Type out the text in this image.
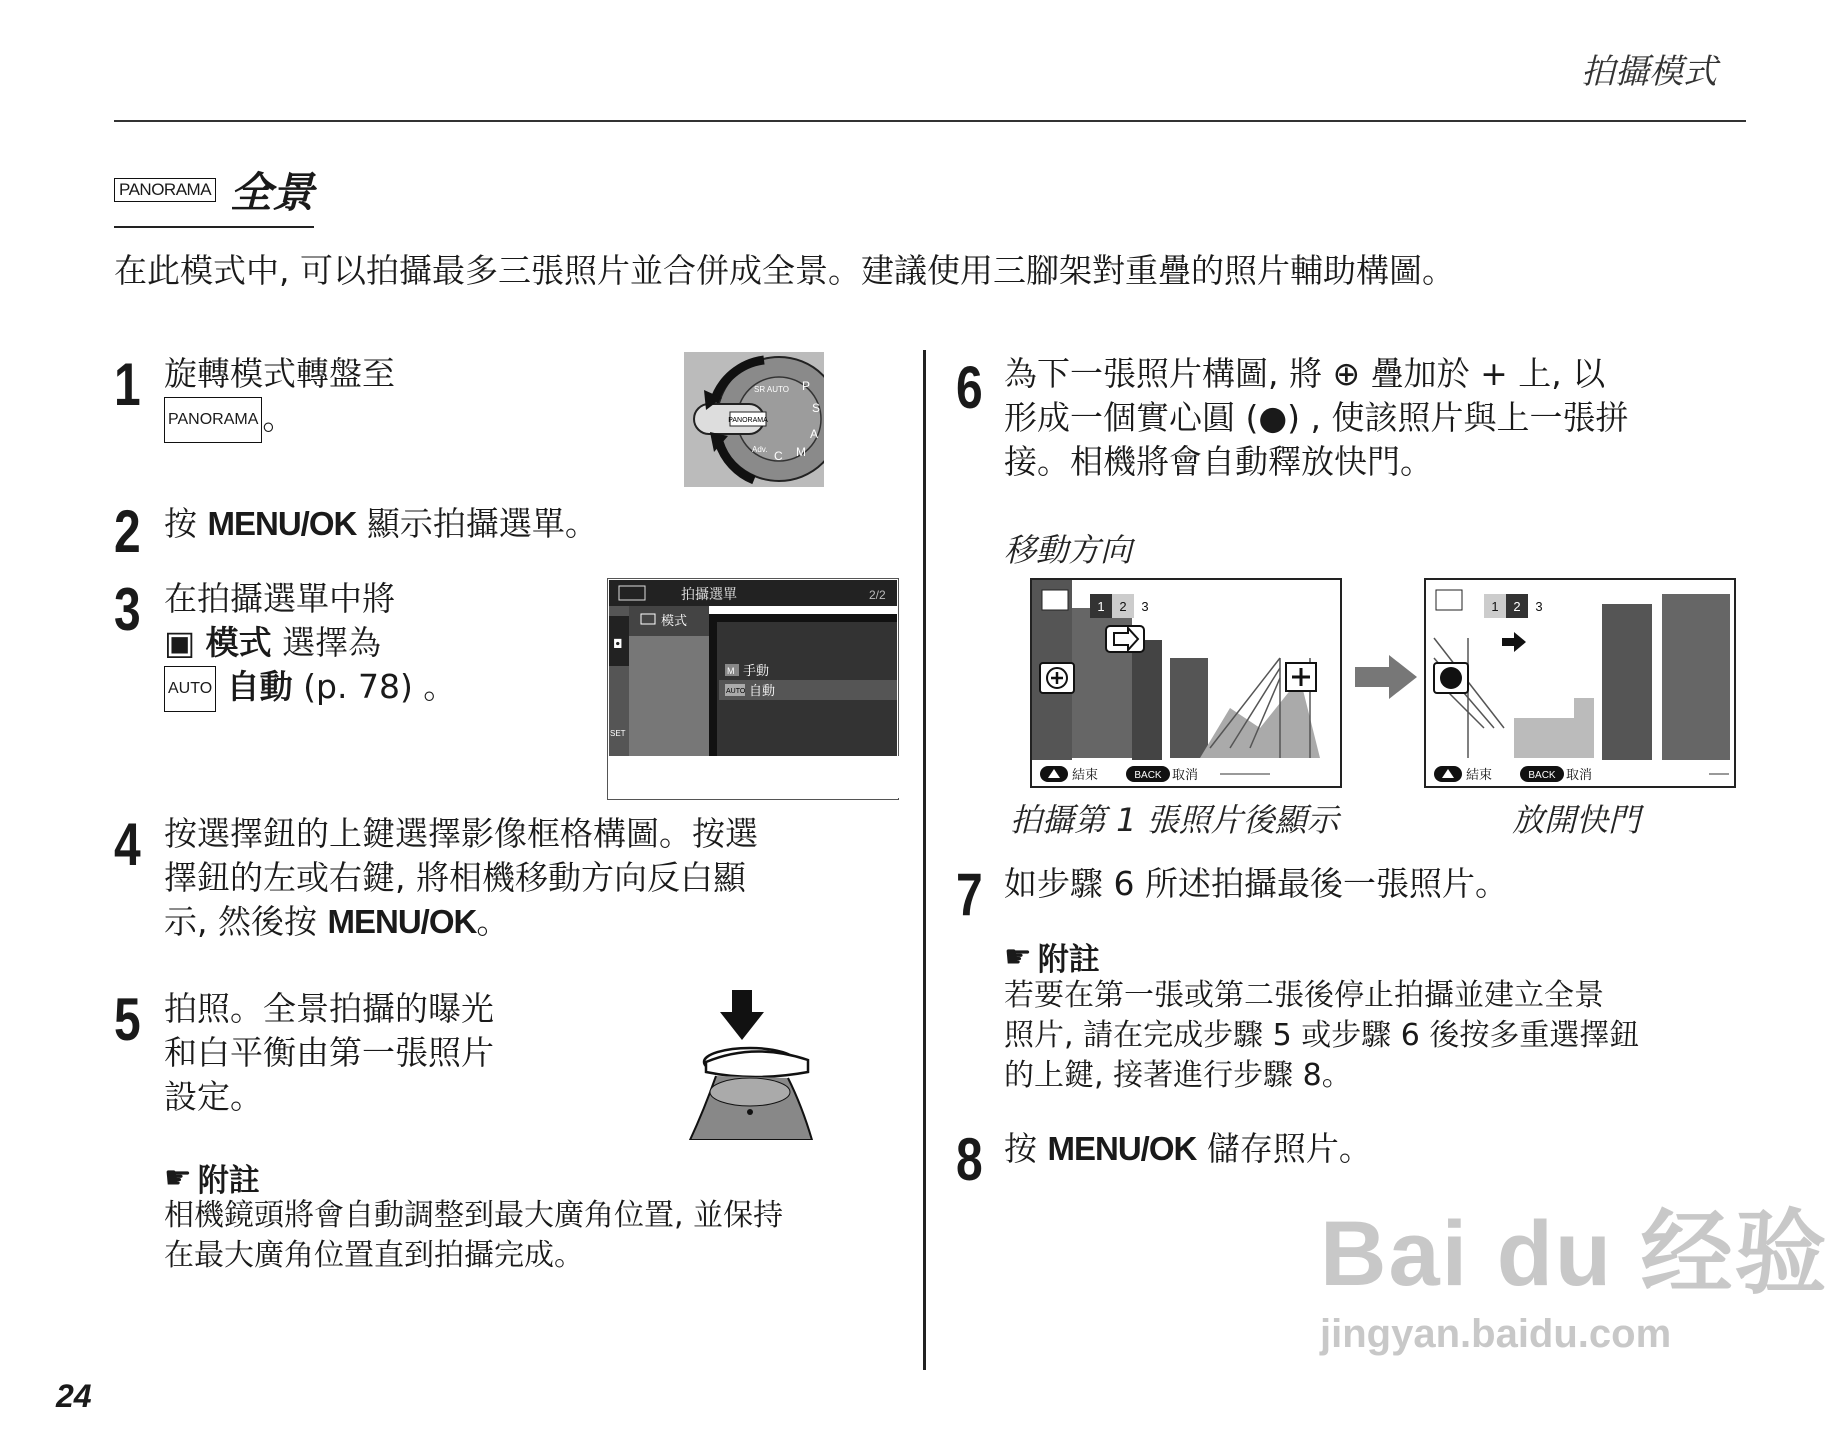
拍攝模式
PANORAMA 全景
在此模式中, 可以拍攝最多三張照片並合併成全景。建議使用三腳架對重疊的照片輔助構圖。
1 旋轉模式轉盤至
PANORAMA 。	PANORAMA
SR AUTO P
S
A
M
C
Adv.
2 按 MENU/OK 顯示拍攝選單。
3 在拍攝選單中將
▣ 模式 選擇為
AUTO 自動 (p. 78) 。
拍攝選單	2/2
◘
SET
模式
M 手動
AUTO 自動
4 按選擇鈕的上鍵選擇影像框格構圖。按選
擇鈕的左或右鍵, 將相機移動方向反白顯
示, 然後按 MENU/OK。
5 拍照。全景拍攝的曝光
和白平衡由第一張照片
設定。
☛ 附註
相機鏡頭將會自動調整到最大廣角位置, 並保持
在最大廣角位置直到拍攝完成。
6 為下一張照片構圖, 將 ⊕ 疊加於 + 上, 以
形成一個實心圓 (●) , 使該照片與上一張拼
接。相機將會自動釋放快門。
移動方向
1 2 3
結束	BACK 取消
1 2 3
結束	BACK 取消
拍攝第 1 張照片後顯示	放開快門
7 如步驟 6 所述拍攝最後一張照片。
☛ 附註
若要在第一張或第二張後停止拍攝並建立全景
照片, 請在完成步驟 5 或步驟 6 後按多重選擇鈕
的上鍵, 接著進行步驟 8。
8 按 MENU/OK 儲存照片。
Bai du 经验
jingyan.baidu.com
24
